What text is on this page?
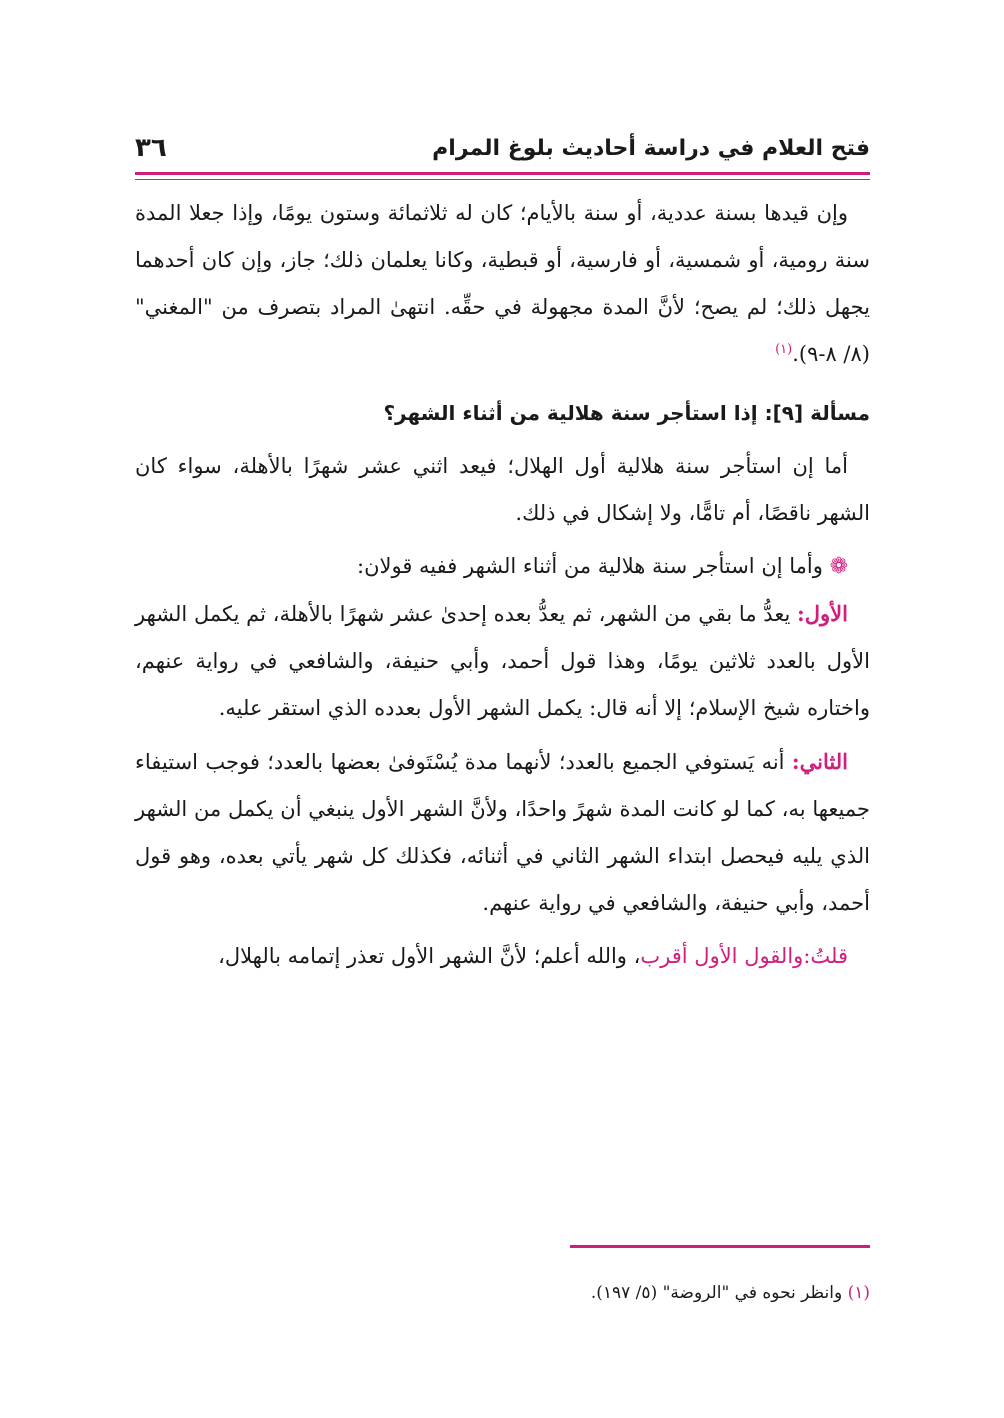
فتح العلام في دراسة أحاديث بلوغ المرام
٣٦

وإن قيدها بسنة عددية، أو سنة بالأيام؛ كان له ثلاثمائة وستون يومًا، وإذا جعلا المدة سنة رومية، أو شمسية، أو فارسية، أو قبطية، وكانا يعلمان ذلك؛ جاز، وإن كان أحدهما يجهل ذلك؛ لم يصح؛ لأنَّ المدة مجهولة في حقِّه. انتهىٰ المراد بتصرف من "المغني" (٨/ ٨-٩).$^{(١)}$

مسألة [٩]: إذا استأجر سنة هلالية من أثناء الشهر؟

أما إن استأجر سنة هلالية أول الهلال؛ فيعد اثني عشر شهرًا بالأهلة، سواء كان الشهر ناقصًا، أم تامًّا، ولا إشكال في ذلك.

❁ وأما إن استأجر سنة هلالية من أثناء الشهر ففيه قولان:

الأول: يعدُّ ما بقي من الشهر، ثم يعدُّ بعده إحدىٰ عشر شهرًا بالأهلة، ثم يكمل الشهر الأول بالعدد ثلاثين يومًا، وهذا قول أحمد، وأبي حنيفة، والشافعي في رواية عنهم، واختاره شيخ الإسلام؛ إلا أنه قال: يكمل الشهر الأول بعدده الذي استقر عليه.

الثاني: أنه يَستوفي الجميع بالعدد؛ لأنهما مدة يُسْتَوفىٰ بعضها بالعدد؛ فوجب استيفاء جميعها به، كما لو كانت المدة شهرً واحدًا، ولأنَّ الشهر الأول ينبغي أن يكمل من الشهر الذي يليه فيحصل ابتداء الشهر الثاني في أثنائه، فكذلك كل شهر يأتي بعده، وهو قول أحمد، وأبي حنيفة، والشافعي في رواية عنهم.

قلتُ:والقول الأول أقرب، والله أعلم؛ لأنَّ الشهر الأول تعذر إتمامه بالهلال،

(١) وانظر نحوه في "الروضة" (٥/ ١٩٧).
